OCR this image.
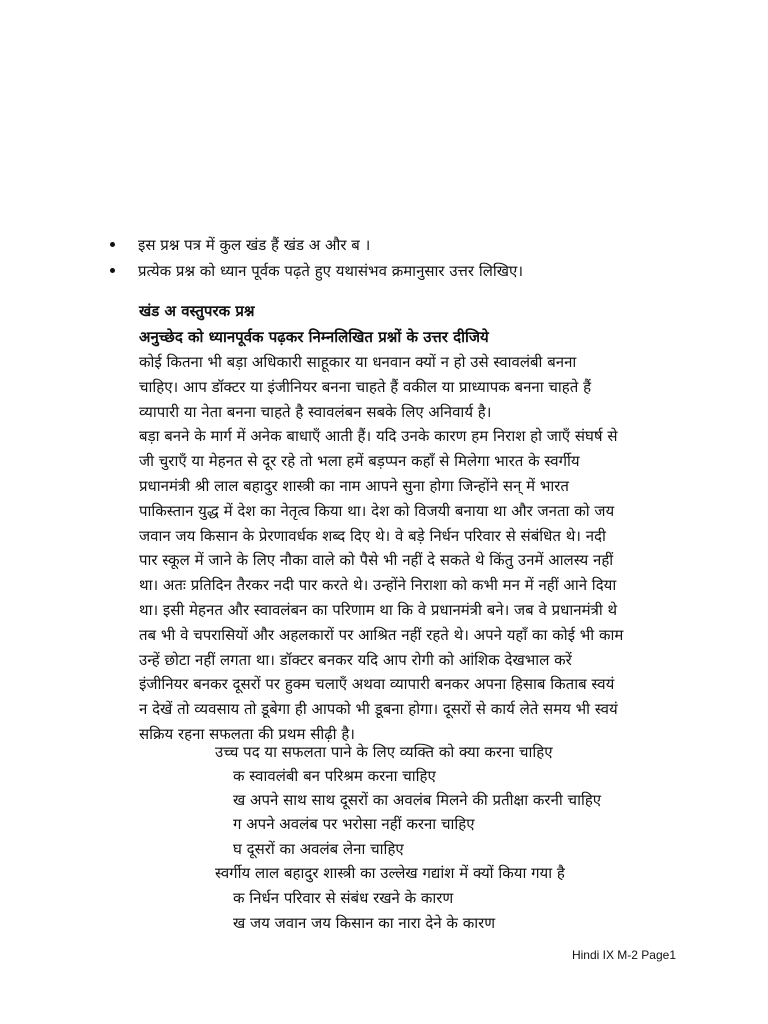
इस प्रश्न पत्र में कुल खंड हैं खंड अ और ब ।
प्रत्येक प्रश्न को ध्यान पूर्वक पढ़ते हुए यथासंभव क्रमानुसार उत्तर लिखिए।
खंड अ वस्तुपरक प्रश्न
अनुच्छेद को ध्यानपूर्वक पढ़कर निम्नलिखित प्रश्नों के उत्तर दीजिये
कोई कितना भी बड़ा अधिकारी साहूकार या धनवान क्यों न हो उसे स्वावलंबी बनना
चाहिए। आप डॉक्टर या इंजीनियर बनना चाहते हैं वकील या प्राध्यापक बनना चाहते हैं
व्यापारी या नेता बनना चाहते है स्वावलंबन सबके लिए अनिवार्य है।
बड़ा बनने के मार्ग में अनेक बाधाएँ आती हैं। यदि उनके कारण हम निराश हो जाएँ संघर्ष से
जी चुराएँ या मेहनत से दूर रहे तो भला हमें बड़प्पन कहाँ से मिलेगा भारत के स्वर्गीय
प्रधानमंत्री श्री लाल बहादुर शास्त्री का नाम आपने सुना होगा जिन्होंने सन् में भारत
पाकिस्तान युद्ध में देश का नेतृत्व किया था। देश को विजयी बनाया था और जनता को जय
जवान जय किसान के प्रेरणावर्धक शब्द दिए थे। वे बड़े निर्धन परिवार से संबंधित थे। नदी
पार स्कूल में जाने के लिए नौका वाले को पैसे भी नहीं दे सकते थे किंतु उनमें आलस्य नहीं
था। अतः प्रतिदिन तैरकर नदी पार करते थे। उन्होंने निराशा को कभी मन में नहीं आने दिया
था। इसी मेहनत और स्वावलंबन का परिणाम था कि वे प्रधानमंत्री बने। जब वे प्रधानमंत्री थे
तब भी वे चपरासियों और अहलकारों पर आश्रित नहीं रहते थे। अपने यहाँ का कोई भी काम
उन्हें छोटा नहीं लगता था। डॉक्टर बनकर यदि आप रोगी को आंशिक देखभाल करें
इंजीनियर बनकर दूसरों पर हुक्म चलाएँ अथवा व्यापारी बनकर अपना हिसाब किताब स्वयं
न देखें तो व्यवसाय तो डूबेगा ही आपको भी डूबना होगा। दूसरों से कार्य लेते समय भी स्वयं
सक्रिय रहना सफलता की प्रथम सीढ़ी है।
उच्च पद या सफलता पाने के लिए व्यक्ति को क्या करना चाहिए
क स्वावलंबी बन परिश्रम करना चाहिए
ख अपने साथ साथ दूसरों का अवलंब मिलने की प्रतीक्षा करनी चाहिए
ग अपने अवलंब पर भरोसा नहीं करना चाहिए
घ दूसरों का अवलंब लेना चाहिए
स्वर्गीय लाल बहादुर शास्त्री का उल्लेख गद्यांश में क्यों किया गया है
क निर्धन परिवार से संबंध रखने के कारण
ख जय जवान जय किसान का नारा देने के कारण
Hindi IX M-2 Page1
